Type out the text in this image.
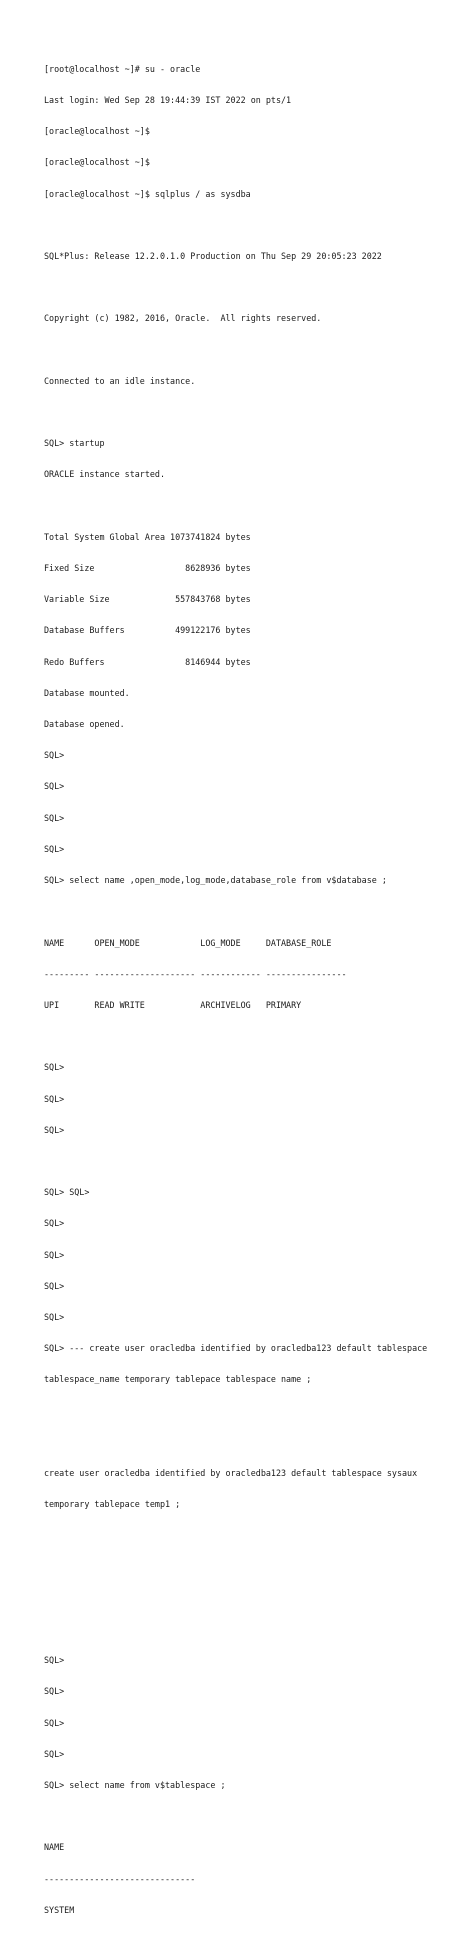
[root@localhost ~]# su - oracle

Last login: Wed Sep 28 19:44:39 IST 2022 on pts/1

[oracle@localhost ~]$

[oracle@localhost ~]$

[oracle@localhost ~]$ sqlplus / as sysdba

SQL*Plus: Release 12.2.0.1.0 Production on Thu Sep 29 20:05:23 2022

Copyright (c) 1982, 2016, Oracle.  All rights reserved.

Connected to an idle instance.

SQL> startup

ORACLE instance started.

Total System Global Area 1073741824 bytes

Fixed Size                  8628936 bytes

Variable Size             557843768 bytes

Database Buffers          499122176 bytes

Redo Buffers                8146944 bytes

Database mounted.

Database opened.

SQL>

SQL>

SQL>

SQL>

SQL> select name ,open_mode,log_mode,database_role from v$database ;

NAME      OPEN_MODE            LOG_MODE     DATABASE_ROLE

--------- -------------------- ------------ ----------------

UPI       READ WRITE           ARCHIVELOG   PRIMARY

SQL>

SQL>

SQL>

SQL> SQL>

SQL>

SQL>

SQL>

SQL>

SQL> --- create user oracledba identified by oracledba123 default tablespace

tablespace_name temporary tablepace tablespace name ;

create user oracledba identified by oracledba123 default tablespace sysaux

temporary tablepace temp1 ;

SQL>

SQL>

SQL>

SQL>

SQL> select name from v$tablespace ;

NAME

------------------------------

SYSTEM
